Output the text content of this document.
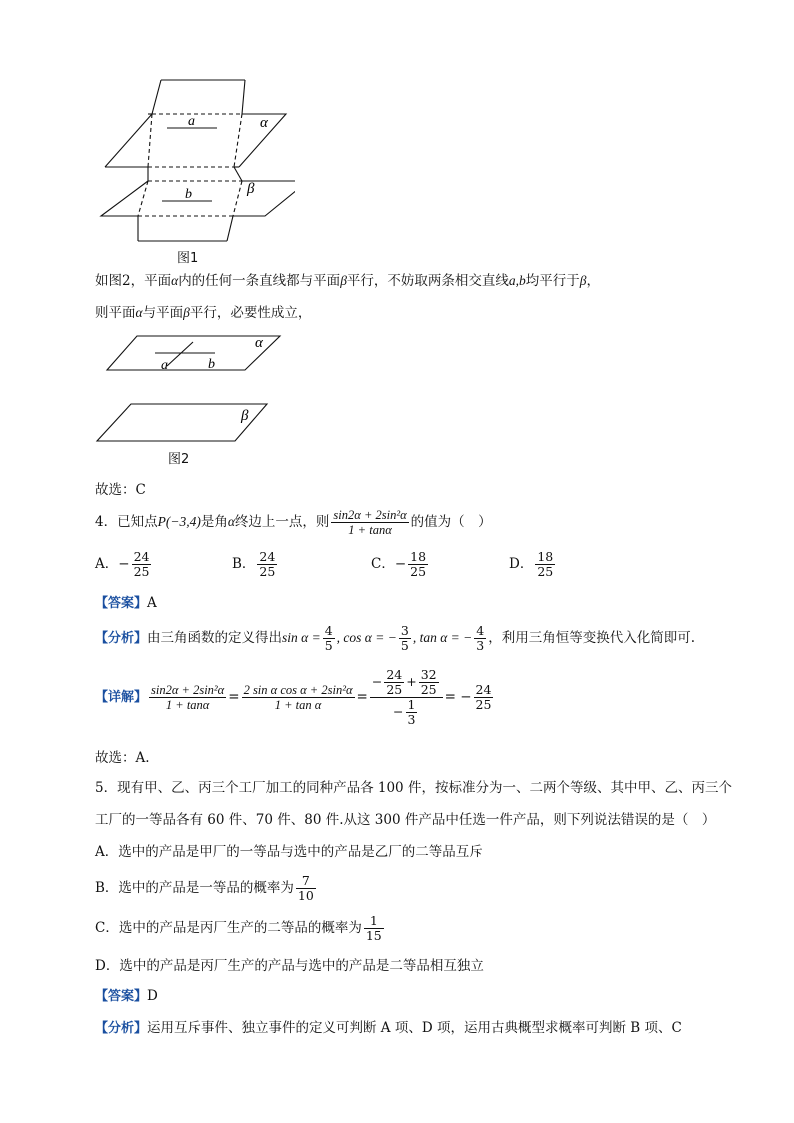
a	α
b	β
图1
如图2，平面α内的任何一条直线都与平面β平行，不妨取两条相交直线a,b均平行于β，
则平面α与平面β平行，必要性成立，
α
a	b
β
图2
故选：C
4．已知点P(−3,4)是角α终边上一点，则 $\frac{\text{sin2α + 2sin²α}}{1 + \tan\alpha}$ 的值为（　）
A．− $\frac{24}{25}$	B． $\frac{24}{25}$	C．− $\frac{18}{25}$	D． $\frac{18}{25}$
【答案】A
【分析】由三角函数的定义得出$\sin \alpha = \frac{4}{5}$ , cos α = − $\frac{3}{5}$ , tan α = − $\frac{4}{3}$ ，利用三角恒等变换代入化简即可.
【详解】 $\frac{\text{sin2α + 2sin²α}}{1 + \tan\alpha} = \frac{\text{2 sin α cos α + 2sin²α}}{\text{1 + tan α}} = \frac{- \frac{24}{25} + \frac{32}{25}}{- \frac{1}{3}}$ = − $\frac{24}{25}$
故选：A.
5．现有甲、乙、丙三个工厂加工的同种产品各 100 件，按标准分为一、二两个等级、其中甲、乙、丙三个
工厂的一等品各有 60 件、70 件、80 件.从这 300 件产品中任选一件产品，则下列说法错误的是（　）
A．选中的产品是甲厂的一等品与选中的产品是乙厂的二等品互斥
B．选中的产品是一等品的概率为 $\frac{7}{10}$
C．选中的产品是丙厂生产的二等品的概率为 $\frac{1}{15}$
D．选中的产品是丙厂生产的产品与选中的产品是二等品相互独立
【答案】D
【分析】运用互斥事件、独立事件的定义可判断 A 项、D 项，运用古典概型求概率可判断 B 项、C
